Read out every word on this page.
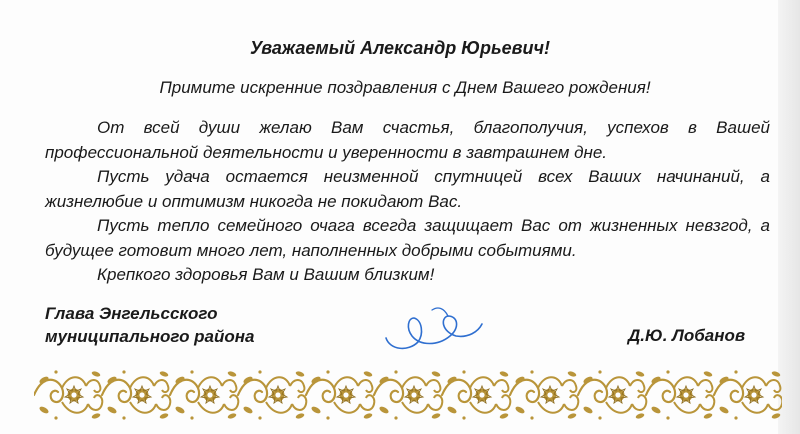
Уважаемый Александр Юрьевич!
Примите искренние поздравления с Днем Вашего рождения!

От всей души желаю Вам счастья, благополучия, успехов в Вашей профессиональной деятельности и уверенности в завтрашнем дне.

Пусть удача остается неизменной спутницей всех Ваших начинаний, а жизнелюбие и оптимизм никогда не покидают Вас.

Пусть тепло семейного очага всегда защищает Вас от жизненных невзгод, а будущее готовит много лет, наполненных добрыми событиями.

Крепкого здоровья Вам и Вашим близким!

Глава Энгельсского
муниципального района	Д.Ю. Лобанов
